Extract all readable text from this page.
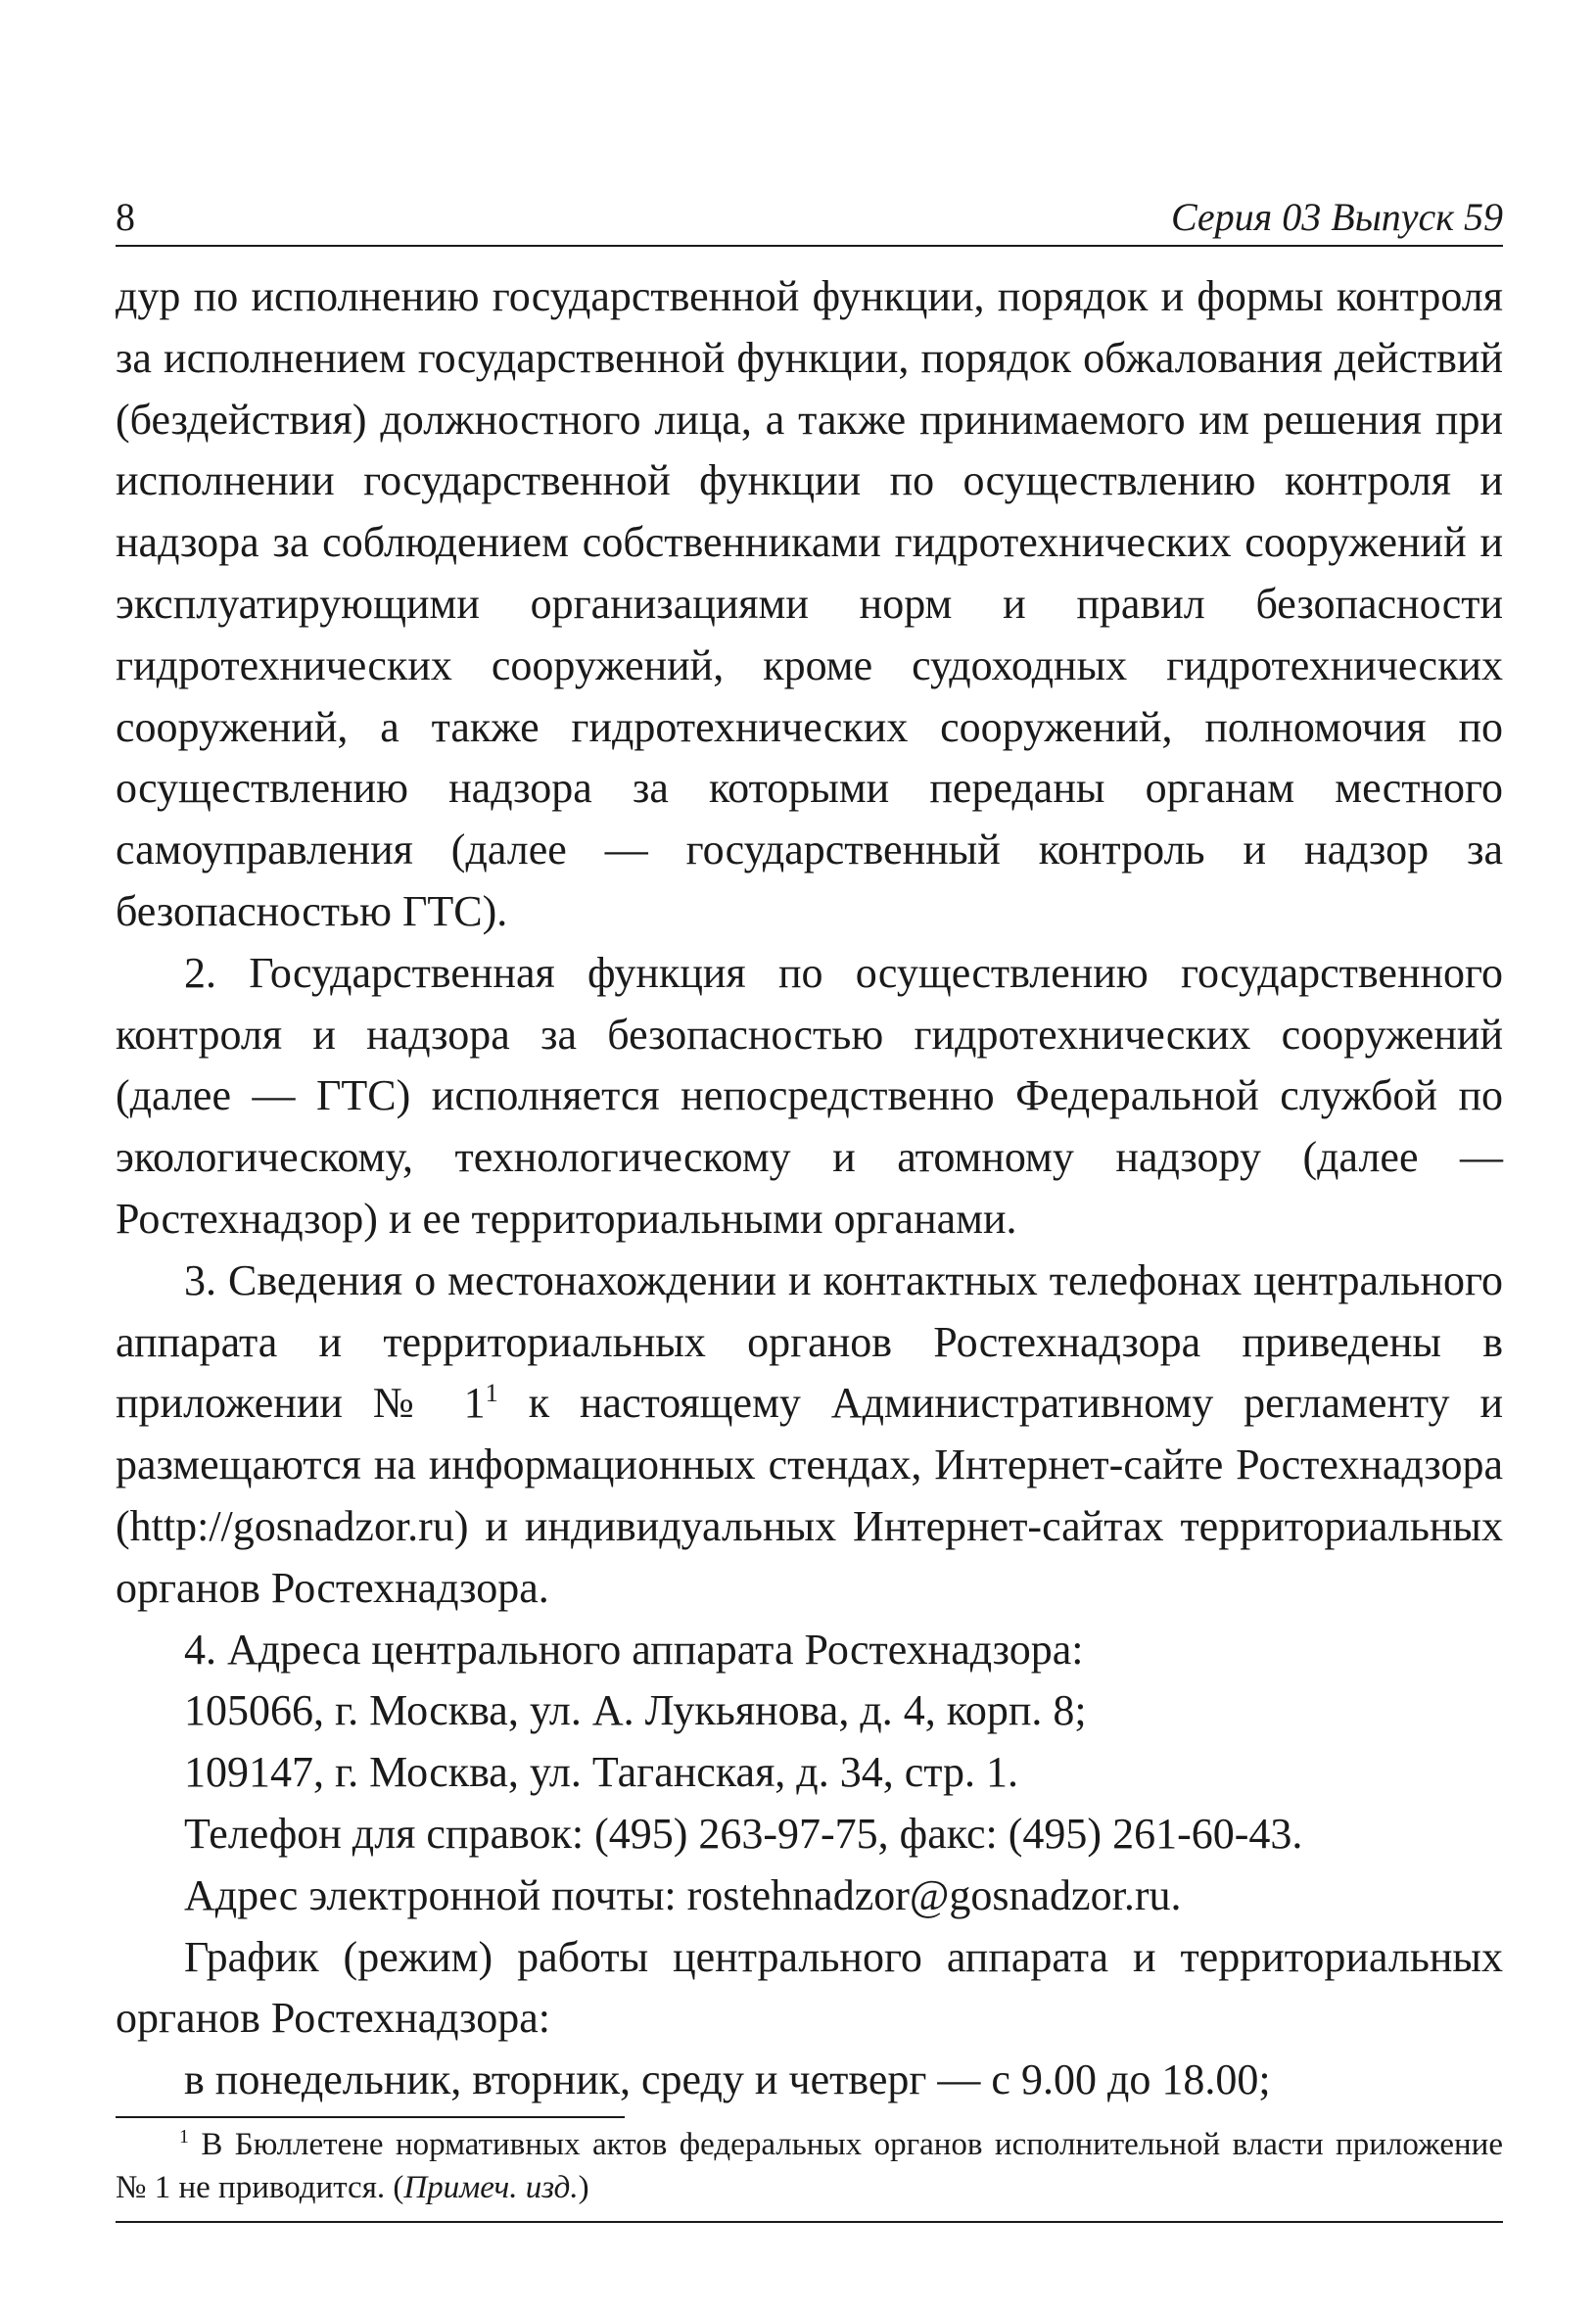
8	Серия 03 Выпуск 59

дур по исполнению государственной функции, порядок и формы контроля за исполнением государственной функции, порядок обжалования действий (бездействия) должностного лица, а также принимаемого им решения при исполнении государственной функции по осуществлению контроля и надзора за соблюдением собственниками гидротехнических сооружений и эксплуатирующими организациями норм и правил безопасности гидротехнических сооружений, кроме судоходных гидротехнических сооружений, а также гидротехнических сооружений, полномочия по осуществлению надзора за которыми переданы органам местного самоуправления (далее — государственный контроль и надзор за безопасностью ГТС).

2. Государственная функция по осуществлению государственного контроля и надзора за безопасностью гидротехнических сооружений (далее — ГТС) исполняется непосредственно Федеральной службой по экологическому, технологическому и атомному надзору (далее — Ростехнадзор) и ее территориальными органами.

3. Сведения о местонахождении и контактных телефонах центрального аппарата и территориальных органов Ростехнадзора приведены в приложении № $1^1$ к настоящему Административному регламенту и размещаются на информационных стендах, Интернет-сайте Ростехнадзора (http://gosnadzor.ru) и индивидуальных Интернет-сайтах территориальных органов Ростехнадзора.

4. Адреса центрального аппарата Ростехнадзора:

105066, г. Москва, ул. А. Лукьянова, д. 4, корп. 8;

109147, г. Москва, ул. Таганская, д. 34, стр. 1.

Телефон для справок: (495) 263-97-75, факс: (495) 261-60-43.

Адрес электронной почты: rostehnadzor@gosnadzor.ru.

График (режим) работы центрального аппарата и территориальных органов Ростехнадзора:

в понедельник, вторник, среду и четверг — с 9.00 до 18.00;

$^1$ В Бюллетене нормативных актов федеральных органов исполнительной власти приложение № 1 не приводится. (Примеч. изд.)
